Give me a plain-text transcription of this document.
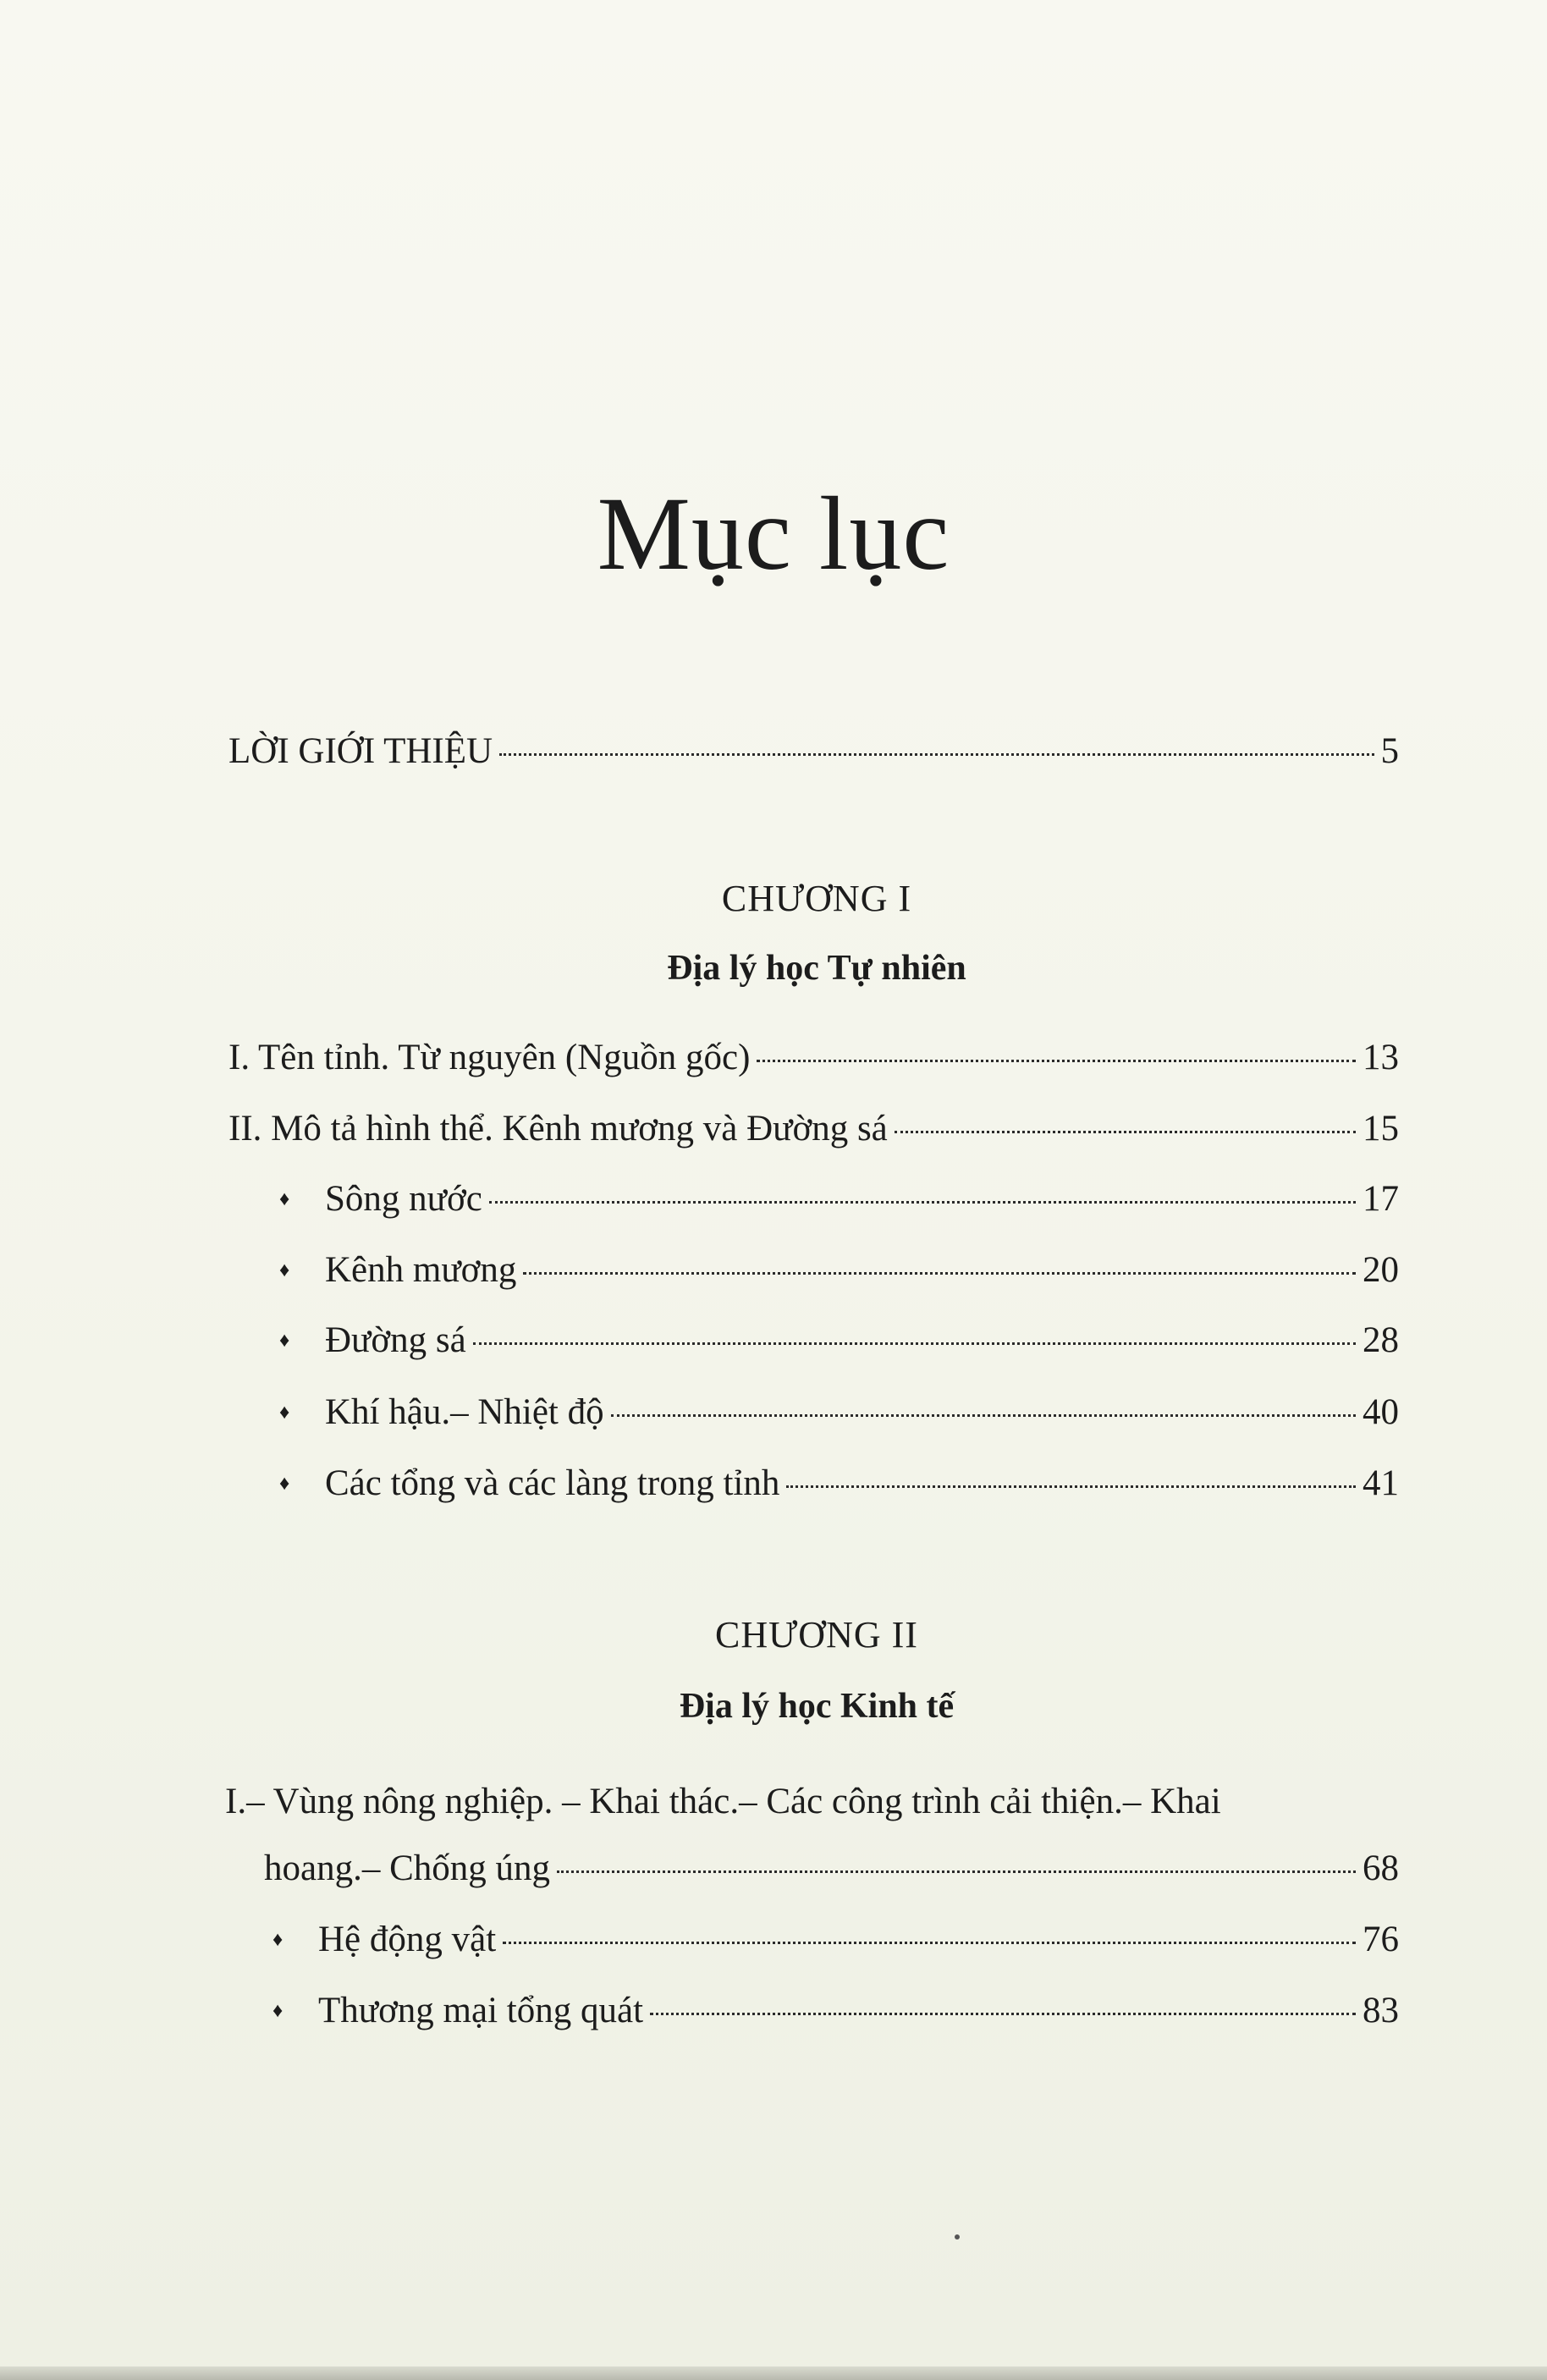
Mục lục
LỜI GIỚI THIỆU	5
CHƯƠNG I
Địa lý học Tự nhiên
I. Tên tỉnh. Từ nguyên (Nguồn gốc)	13
II. Mô tả hình thể. Kênh mương và Đường sá	15
♦ Sông nước	17
♦ Kênh mương	20
♦ Đường sá	28
♦ Khí hậu.– Nhiệt độ	40
♦ Các tổng và các làng trong tỉnh	41
CHƯƠNG II
Địa lý học Kinh tế
I.– Vùng nông nghiệp. – Khai thác.– Các công trình cải thiện.– Khai
hoang.– Chống úng	68
♦ Hệ động vật	76
♦ Thương mại tổng quát	83
